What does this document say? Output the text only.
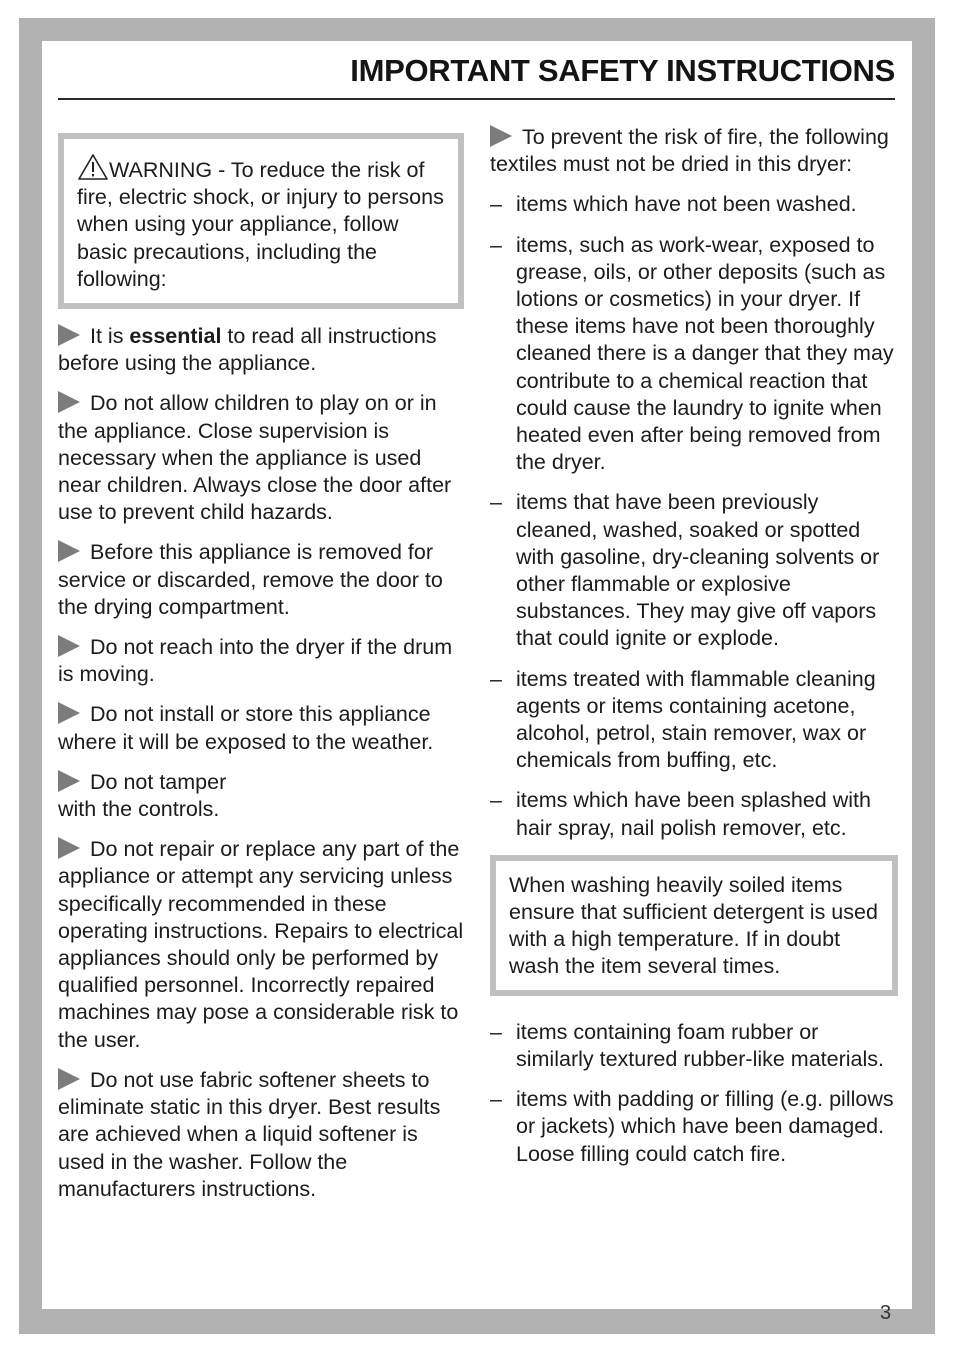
IMPORTANT SAFETY INSTRUCTIONS
WARNING - To reduce the risk of fire, electric shock, or injury to persons when using your appliance, follow basic precautions, including the following:
It is essential to read all instructions before using the appliance.
Do not allow children to play on or in the appliance. Close supervision is necessary when the appliance is used near children. Always close the door after use to prevent child hazards.
Before this appliance is removed for service or discarded, remove the door to the drying compartment.
Do not reach into the dryer if the drum is moving.
Do not install or store this appliance where it will be exposed to the weather.
Do not tamper
with the controls.
Do not repair or replace any part of the appliance or attempt any servicing unless specifically recommended in these operating instructions. Repairs to electrical appliances should only be performed by qualified personnel. Incorrectly repaired machines may pose a considerable risk to the user.
Do not use fabric softener sheets to eliminate static in this dryer. Best results are achieved when a liquid softener is used in the washer. Follow the manufacturers instructions.
To prevent the risk of fire, the following textiles must not be dried in this dryer:
– items which have not been washed.
– items, such as work-wear, exposed to grease, oils, or other deposits (such as lotions or cosmetics) in your dryer. If these items have not been thoroughly cleaned there is a danger that they may contribute to a chemical reaction that could cause the laundry to ignite when heated even after being removed from the dryer.
– items that have been previously cleaned, washed, soaked or spotted with gasoline, dry-cleaning solvents or other flammable or explosive substances. They may give off vapors that could ignite or explode.
– items treated with flammable cleaning agents or items containing acetone, alcohol, petrol, stain remover, wax or chemicals from buffing, etc.
– items which have been splashed with hair spray, nail polish remover, etc.
When washing heavily soiled items ensure that sufficient detergent is used with a high temperature. If in doubt wash the item several times.
– items containing foam rubber or similarly textured rubber-like materials.
– items with padding or filling (e.g. pillows or jackets) which have been damaged. Loose filling could catch fire.
3
